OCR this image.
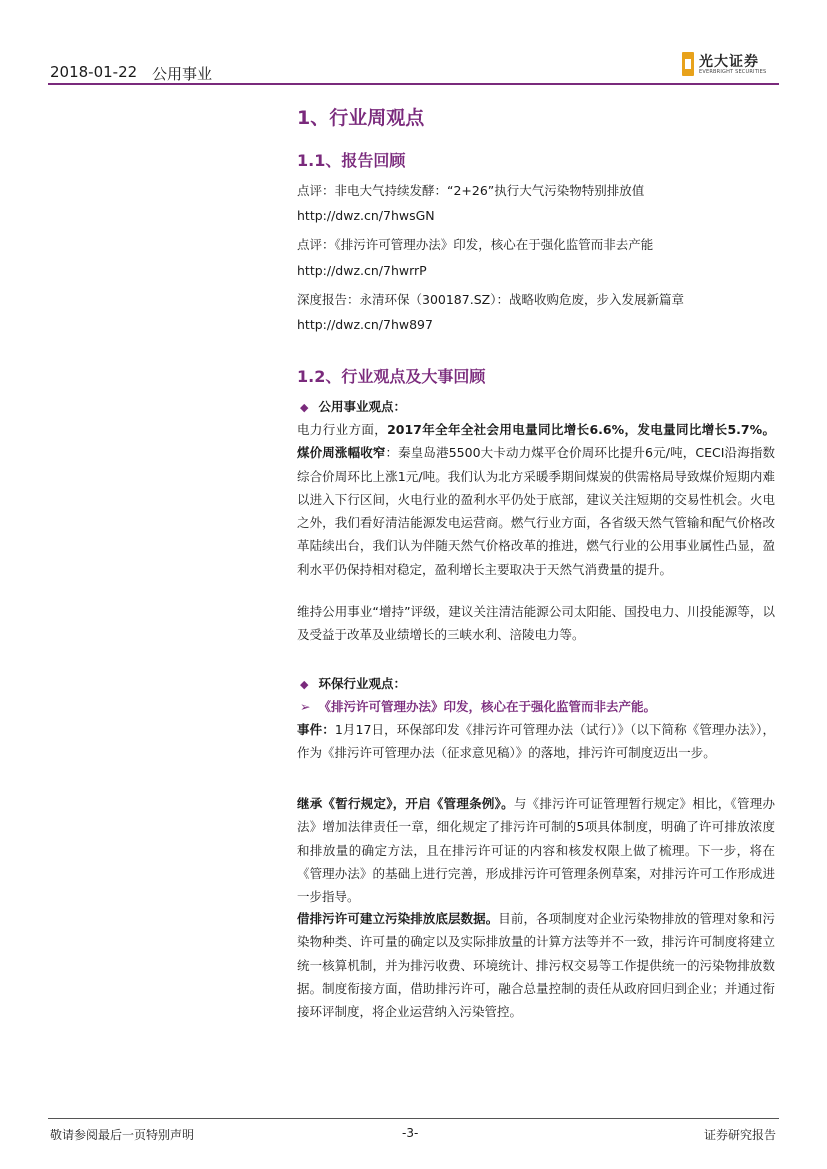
2018-01-22 公用事业
光大证券
EVERBRIGHT SECURITIES
1、行业周观点
1.1、报告回顾
点评：非电大气持续发酵：“2+26”执行大气污染物特别排放值
http://dwz.cn/7hwsGN
点评：《排污许可管理办法》印发，核心在于强化监管而非去产能
http://dwz.cn/7hwrrP
深度报告：永清环保（300187.SZ）：战略收购危废，步入发展新篇章
http://dwz.cn/7hw897
1.2、行业观点及大事回顾
◆ 公用事业观点：
电力行业方面，2017年全年全社会用电量同比增长6.6%，发电量同比增长5.7%。煤价周涨幅收窄：秦皇岛港5500大卡动力煤平仓价周环比提升6元/吨，CECI沿海指数综合价周环比上涨1元/吨。我们认为北方采暖季期间煤炭的供需格局导致煤价短期内难以进入下行区间，火电行业的盈利水平仍处于底部，建议关注短期的交易性机会。火电之外，我们看好清洁能源发电运营商。燃气行业方面，各省级天然气管输和配气价格改革陆续出台，我们认为伴随天然气价格改革的推进，燃气行业的公用事业属性凸显，盈利水平仍保持相对稳定，盈利增长主要取决于天然气消费量的提升。
维持公用事业“增持”评级，建议关注清洁能源公司太阳能、国投电力、川投能源等，以及受益于改革及业绩增长的三峡水利、涪陵电力等。
◆ 环保行业观点：
➢ 《排污许可管理办法》印发，核心在于强化监管而非去产能。
事件：1月17日，环保部印发《排污许可管理办法（试行）》（以下简称《管理办法》），作为《排污许可管理办法（征求意见稿）》的落地，排污许可制度迈出一步。
继承《暂行规定》，开启《管理条例》。与《排污许可证管理暂行规定》相比，《管理办法》增加法律责任一章，细化规定了排污许可制的5项具体制度，明确了许可排放浓度和排放量的确定方法，且在排污许可证的内容和核发权限上做了梳理。下一步，将在《管理办法》的基础上进行完善，形成排污许可管理条例草案，对排污许可工作形成进一步指导。
借排污许可建立污染排放底层数据。目前，各项制度对企业污染物排放的管理对象和污染物种类、许可量的确定以及实际排放量的计算方法等并不一致，排污许可制度将建立统一核算机制，并为排污收费、环境统计、排污权交易等工作提供统一的污染物排放数据。制度衔接方面，借助排污许可，融合总量控制的责任从政府回归到企业；并通过衔接环评制度，将企业运营纳入污染管控。
敬请参阅最后一页特别声明	-3-	证券研究报告
